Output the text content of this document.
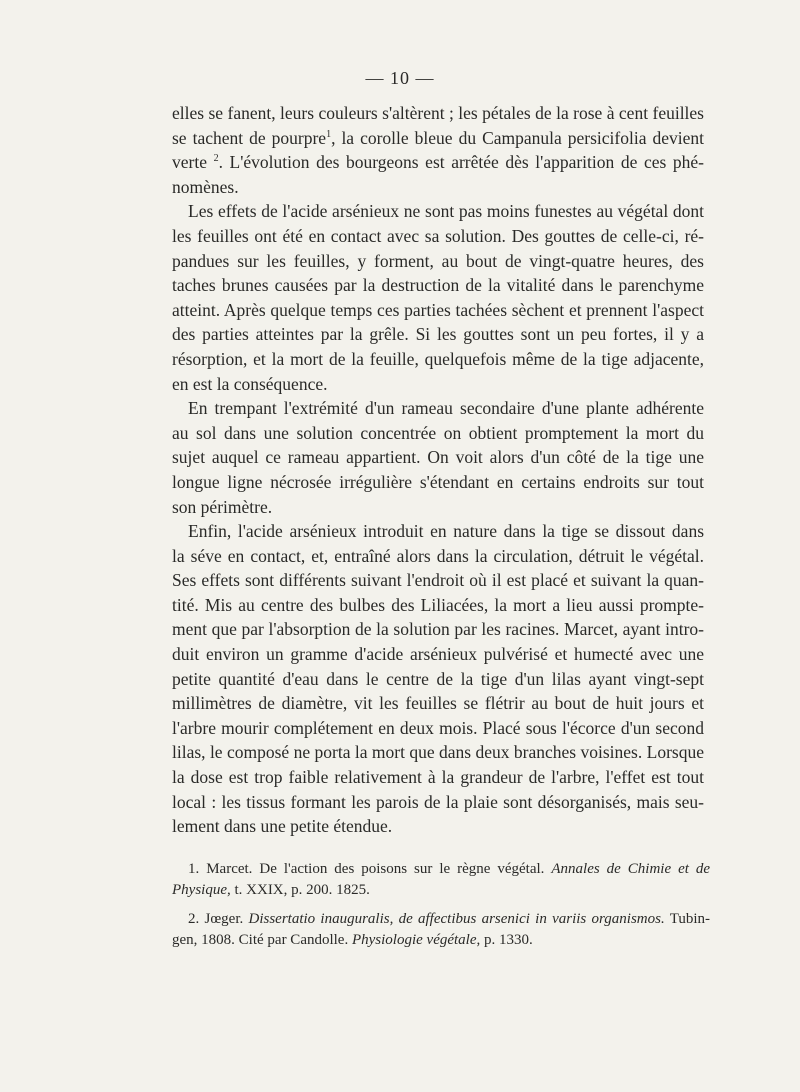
— 10 —
elles se fanent, leurs couleurs s'altèrent ; les pétales de la rose à cent feuilles
se tachent de pourpre$^1$, la corolle bleue du Campanula persicifolia devient
verte $^2$. L'évolution des bourgeons est arrêtée dès l'apparition de ces phé-
nomènes.
Les effets de l'acide arsénieux ne sont pas moins funestes au végétal dont
les feuilles ont été en contact avec sa solution. Des gouttes de celle-ci, ré-
pandues sur les feuilles, y forment, au bout de vingt-quatre heures, des
taches brunes causées par la destruction de la vitalité dans le parenchyme
atteint. Après quelque temps ces parties tachées sèchent et prennent l'aspect
des parties atteintes par la grêle. Si les gouttes sont un peu fortes, il y a
résorption, et la mort de la feuille, quelquefois même de la tige adjacente,
en est la conséquence.
En trempant l'extrémité d'un rameau secondaire d'une plante adhérente
au sol dans une solution concentrée on obtient promptement la mort du
sujet auquel ce rameau appartient. On voit alors d'un côté de la tige une
longue ligne nécrosée irrégulière s'étendant en certains endroits sur tout
son périmètre.
Enfin, l'acide arsénieux introduit en nature dans la tige se dissout dans
la séve en contact, et, entraîné alors dans la circulation, détruit le végétal.
Ses effets sont différents suivant l'endroit où il est placé et suivant la quan-
tité. Mis au centre des bulbes des Liliacées, la mort a lieu aussi prompte-
ment que par l'absorption de la solution par les racines. Marcet, ayant intro-
duit environ un gramme d'acide arsénieux pulvérisé et humecté avec une
petite quantité d'eau dans le centre de la tige d'un lilas ayant vingt-sept
millimètres de diamètre, vit les feuilles se flétrir au bout de huit jours et
l'arbre mourir complétement en deux mois. Placé sous l'écorce d'un second
lilas, le composé ne porta la mort que dans deux branches voisines. Lorsque
la dose est trop faible relativement à la grandeur de l'arbre, l'effet est tout
local : les tissus formant les parois de la plaie sont désorganisés, mais seu-
lement dans une petite étendue.
1. Marcet. De l'action des poisons sur le règne végétal. Annales de Chimie et de
Physique, t. XXIX, p. 200. 1825.
2. Jœger. Dissertatio inauguralis, de affectibus arsenici in variis organismos. Tubin-
gen, 1808. Cité par Candolle. Physiologie végétale, p. 1330.
